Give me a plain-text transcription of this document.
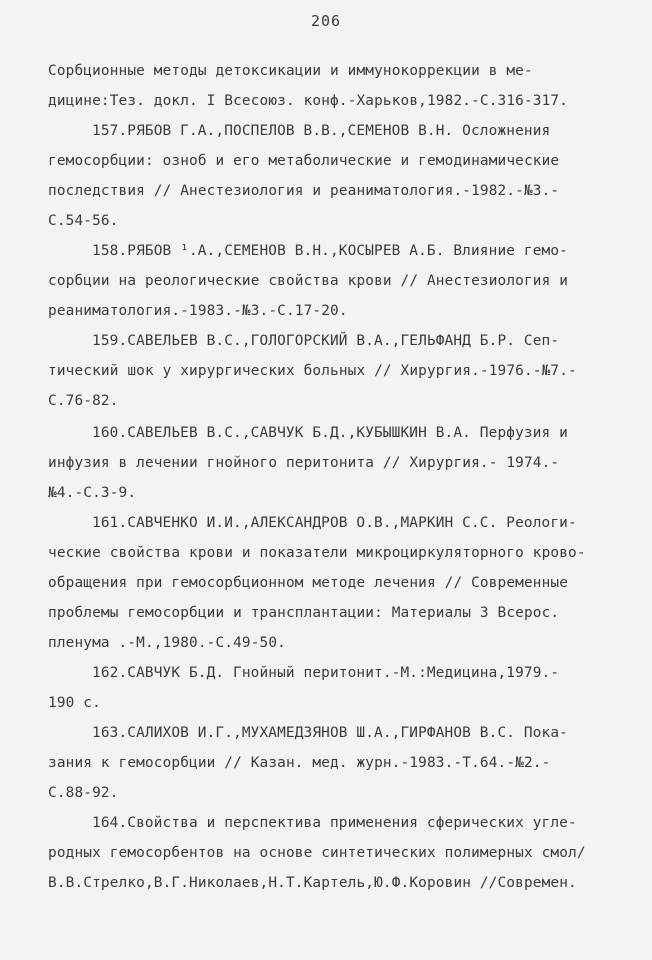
206
Сорбционные методы детоксикации и иммунокоррекции в ме-
дицине:Тез. докл. I Всесоюз. конф.-Харьков,1982.-С.316-317.
157.РЯБОВ Г.А.,ПОСПЕЛОВ В.В.,СЕМЕНОВ В.Н. Осложнения
гемосорбции: озноб и его метаболические и гемодинамические
последствия // Анестезиология и реаниматология.-1982.-№3.-
С.54-56.
158.РЯБОВ ¹.А.,СЕМЕНОВ В.Н.,КОСЫРЕВ А.Б. Влияние гемо-
сорбции на реологические свойства крови // Анестезиология и
реаниматология.-1983.-№3.-С.17-20.
159.САВЕЛЬЕВ В.С.,ГОЛОГОРСКИЙ В.А.,ГЕЛЬФАНД Б.Р. Сеп-
тический шок у хирургических больных // Хирургия.-1976.-№7.-
С.76-82.
160.САВЕЛЬЕВ В.С.,САВЧУК Б.Д.,КУБЫШКИН В.А. Перфузия и
инфузия в лечении гнойного перитонита // Хирургия.- 1974.-
№4.-С.3-9.
161.САВЧЕНКО И.И.,АЛЕКСАНДРОВ О.В.,МАРКИН С.С. Реологи-
ческие свойства крови и показатели микроциркуляторного крово-
обращения при гемосорбционном методе лечения // Современные
проблемы гемосорбции и трансплантации: Материалы 3 Всерос.
пленума .-М.,1980.-С.49-50.
162.САВЧУК Б.Д. Гнойный перитонит.-М.:Медицина,1979.-
190 с.
163.САЛИХОВ И.Г.,МУХАМЕДЗЯНОВ Ш.А.,ГИРФАНОВ В.С. Пока-
зания к гемосорбции // Казан. мед. журн.-1983.-Т.64.-№2.-
С.88-92.
164.Свойства и перспектива применения сферических угле-
родных гемосорбентов на основе синтетических полимерных смол/
В.В.Стрелко,В.Г.Николаев,Н.Т.Картель,Ю.Ф.Коровин //Современ.
